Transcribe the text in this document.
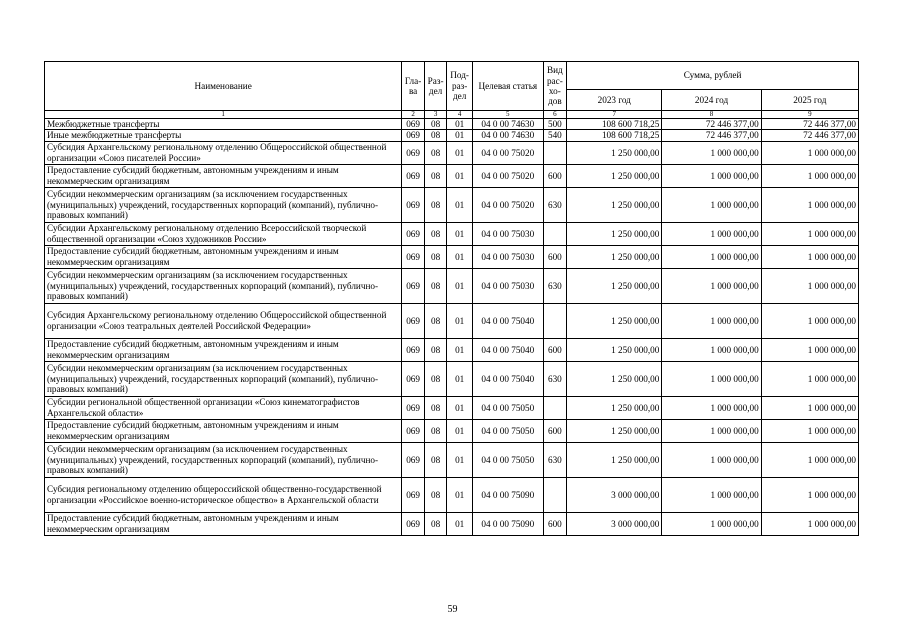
Наименование	Гла-ва	Раз-дел	Под-раз-дел	Целевая статья	Вид рас-хо-дов	Сумма, рублей		
						2023 год	2024 год	2025 год
1	2	3	4	5	6	7	8	9
Межбюджетные трансферты	069	08	01	04 0 00 74630	500	108 600 718,25	72 446 377,00	72 446 377,00
Иные межбюджетные трансферты	069	08	01	04 0 00 74630	540	108 600 718,25	72 446 377,00	72 446 377,00
Субсидия Архангельскому региональному отделению Общероссийской общественной организации «Союз писателей России»	069	08	01	04 0 00 75020		1 250 000,00	1 000 000,00	1 000 000,00
Предоставление субсидий бюджетным, автономным учреждениям и иным некоммерческим организациям	069	08	01	04 0 00 75020	600	1 250 000,00	1 000 000,00	1 000 000,00
Субсидии некоммерческим организациям (за исключением государственных (муниципальных) учреждений, государственных корпораций (компаний), публично-правовых компаний)	069	08	01	04 0 00 75020	630	1 250 000,00	1 000 000,00	1 000 000,00
Субсидии Архангельскому региональному отделению Всероссийской творческой общественной организации «Союз художников России»	069	08	01	04 0 00 75030		1 250 000,00	1 000 000,00	1 000 000,00
Предоставление субсидий бюджетным, автономным учреждениям и иным некоммерческим организациям	069	08	01	04 0 00 75030	600	1 250 000,00	1 000 000,00	1 000 000,00
Субсидии некоммерческим организациям (за исключением государственных (муниципальных) учреждений, государственных корпораций (компаний), публично-правовых компаний)	069	08	01	04 0 00 75030	630	1 250 000,00	1 000 000,00	1 000 000,00
Субсидия Архангельскому региональному отделению Общероссийской общественной организации «Союз театральных деятелей Российской Федерации»	069	08	01	04 0 00 75040		1 250 000,00	1 000 000,00	1 000 000,00
Предоставление субсидий бюджетным, автономным учреждениям и иным некоммерческим организациям	069	08	01	04 0 00 75040	600	1 250 000,00	1 000 000,00	1 000 000,00
Субсидии некоммерческим организациям (за исключением государственных (муниципальных) учреждений, государственных корпораций (компаний), публично-правовых компаний)	069	08	01	04 0 00 75040	630	1 250 000,00	1 000 000,00	1 000 000,00
Субсидии региональной общественной организации «Союз кинематографистов Архангельской области»	069	08	01	04 0 00 75050		1 250 000,00	1 000 000,00	1 000 000,00
Предоставление субсидий бюджетным, автономным учреждениям и иным некоммерческим организациям	069	08	01	04 0 00 75050	600	1 250 000,00	1 000 000,00	1 000 000,00
Субсидии некоммерческим организациям (за исключением государственных (муниципальных) учреждений, государственных корпораций (компаний), публично-правовых компаний)	069	08	01	04 0 00 75050	630	1 250 000,00	1 000 000,00	1 000 000,00
Субсидия региональному отделению общероссийской общественно-государственной организации «Российское военно-историческое общество» в Архангельской области	069	08	01	04 0 00 75090		3 000 000,00	1 000 000,00	1 000 000,00
Предоставление субсидий бюджетным, автономным учреждениям и иным некоммерческим организациям	069	08	01	04 0 00 75090	600	3 000 000,00	1 000 000,00	1 000 000,00
59
